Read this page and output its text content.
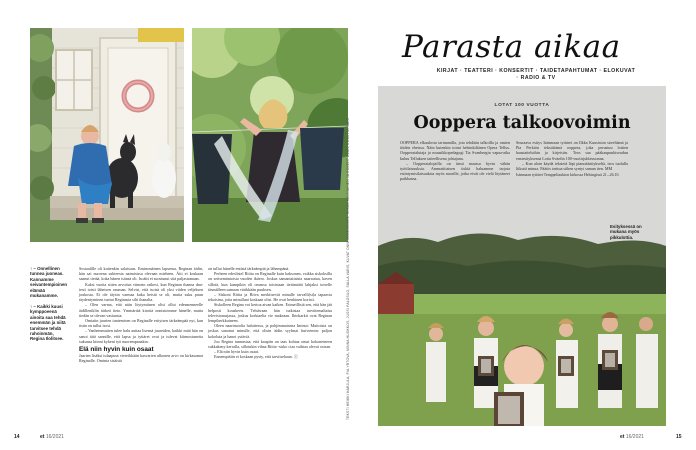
↑ – Onnellinen tunnea juoneas. Kannamme seivantempioinen elämää mukanamme.
↑ – Kaikki kuusi kymppoeenä ainoita saa tehdä enemmän ja niitä tarvitsee tehdä rahoinmän, Regina Ilolitsee.

Sosiaalille oli kuitenkin salaisuus. Ensimmäinen lapsensa, Reginan äidin, hän sai nuorena suhteesta naimisissa olevaan mieheen. Äiti ei koskaan saanut tietää, koka hänen isänsä oli. Isoäiti ei suostunut sitä paljastamaan.

Kaksi vuotta sitten arvoitus viimein ratkesi, kun Reginan ihanna dna-testi toisti läheisen osuman. Selvisi, että isoisä oli yksi viiden veljeksen joukosta. Ei ole täysin varmaa kuka heistä se oli, mutta suku puun täydentyminen tuntui Reginasta silti ihanalta.

– Olen varma, että näin löytymiinen olisi ollut edesmenneelle äidilleniklin tärkeä tieto. Ymmärtää kirottä onnistoimme hänelle, mutta tiedän se olevan vastausta.

Omiaiin juurien tuntemisen on Reginalle erityisen tärkeämpää nyt, kun itsän on tullut isosi.

– Vanhemmuiten tulee halu auttaa lisensä juureiden, kaikki mitä hän on sanoi tätä sannille, että lapsa ja tyttäret ovat ja tulevat kiinnostuneita sukunsa kiinni kykeni työ nuorempanakin.

Elä niin hyvin kuin osaat

Jaarien lisäksi tulaapuut viereikkään kasvarien ulkonen arvo on kirkasamat Reginalle. Ominta sisäistä

on tullut hänelle entistä tärkeämpiä ja lähempänä.

Perheen edeslistel Riitta on Reginalle kuin kaksonen, vaikka siskoksilla on seitsemäntoista vuoden ikäero. Joskus samantaitaisia naarautua, kaven sillotä, kun kumpikin oli omassa toisistaan tietämättä lahjaksi toiselle täsmälleen samaan värikkään puuksen.

– Siskoni Riitta ja Ritva merkitsevät minulle tarvalli(si)a tapaavia tekoisina, joita minullani koskaan olisi. He ovat henkinen koristi.

Siskolleen Regina voi kertoa aivan kaiken. Erimeillisiä sen, että hän jää helposti kouskeen. Tehtävaan hän tutkistaa tarvittemaltaisa televisionarjassa, joskus korkiaelta vie makeaan. Ihtokarkit ovat Reginan lempiherkkuineen.

Oleen naarimoolta haluttessa, ja pohjimmaisena Iminut: Muitoista on joskus sanonut minulle, että olisin äidin syylmat huiviemin: paljon kokoluta ja hanoi ystäviä.

Joo Regina tunnustaa, että kaupiin on taas kohtaa omat kokoneineen sukkakeny kerralla, silloinkin vihaa Riitta -sisko ciaa vaihtaa olevat osisan.

– Elä niin hyvin kuin osaat.

Ennempiäiin ei koskaan pysty, että tarvitsekaan. ⓢ

14	et 16/2021
Parasta aikaa
KIRJAT · TEATTERI · KONSERTIT · TAIDETAPAHTUMAT · ELOKUVAT · RADIO & TV
LOTAT 100 VUOTTA
Ooppera talkoovoimin

OOPPERA elkuulosta tarinamilla, jota tehdään talkoilla ja omien töiden eheissa. Näin kutenkin toimi helsinkiläinen Opera Tellus. Oopperatalutaja ja muusikkopedagogi Tia Svanbergin vapaa-aika kuluu Telluksen taiteellisena johtajana.

– Oopperatalojailla on tässä maassa hyvin vähän työtilaisuuksia. Ammattitaisen tiskiä haluamme tarjota esiintymisilaisuuksia myös nuorille, jotka eivät ole vielä löytäneet paikkansa.

Seuraava esitys Isänmaan tyttäret on Ilkka Kuusiston säveltämä ja Pia Perkiön tekstittämä ooppera, joka perustuu lottien haastatteluihin ja kirjeisiin. Teos saa pääkaupunkiseudun ensiesityksensä Lotta Svärdin 100-vuotisjuhlavuonna.

– Kun aloin käydä teksteiä läpi pianoäänitykseltä, teos tuolulla liikutti minua. Päätös tarttua siihen syntyi saman tien. MM

Isänmaan tyttäret Temppeliaukion kirkossa Helsingissä 21.–26.10.

Esityksessä on mukana myös pikkulottia.
TEKSTI HEIKKI HARJULA, PIA YRTOVA, MINNA HUOKKOS, JUSSI PALOSUO, SALLA VARIS, KUVAT ONNI MÄKELÄINEN, RIIKKA KAUNIAINEN JA ROBERT DEAN, KUVA PIA SALO
et 16/2021	15
